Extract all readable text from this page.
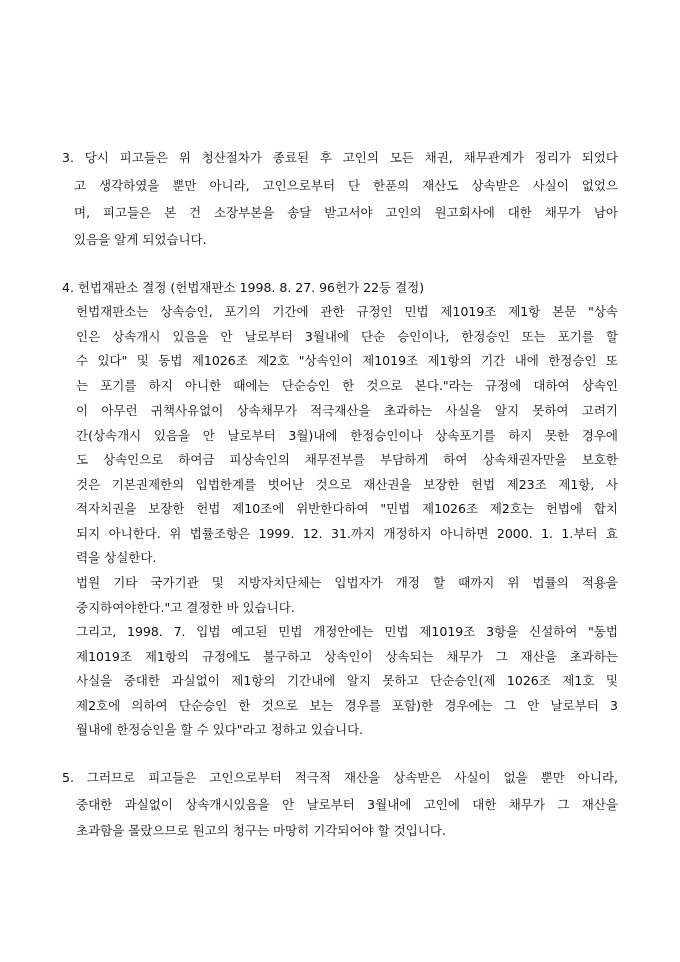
3. 당시 피고들은 위 청산절차가 종료된 후 고인의 모든 채권, 채무관계가 정리가 되었다
고 생각하였을 뿐만 아니라, 고인으로부터 단 한푼의 재산도 상속받은 사실이 없었으
며, 피고들은 본 건 소장부본을 송달 받고서야 고인의 원고회사에 대한 채무가 남아
있음을 알게 되었습니다.
4. 헌법재판소 결정 (헌법재판소 1998. 8. 27. 96헌가 22등 결정)
헌법재판소는 상속승인, 포기의 기간에 관한 규정인 민법 제1019조 제1항 본문 "상속
인은 상속개시 있음을 안 날로부터 3월내에 단순 승인이나, 한정승인 또는 포기를 할
수 있다" 및 동법 제1026조 제2호 "상속인이 제1019조 제1항의 기간 내에 한정승인 또
는 포기를 하지 아니한 때에는 단순승인 한 것으로 본다."라는 규정에 대하여 상속인
이 아무런 귀책사유없이 상속채무가 적극재산을 초과하는 사실을 알지 못하여 고려기
간(상속개시 있음을 안 날로부터 3월)내에 한정승인이나 상속포기를 하지 못한 경우에
도 상속인으로 하여금 피상속인의 채무전부를 부담하게 하여 상속채권자만을 보호한
것은 기본권제한의 입법한계를 벗어난 것으로 재산권을 보장한 헌법 제23조 제1항, 사
적자치권을 보장한 헌법 제10조에 위반한다하여 "민법 제1026조 제2호는 헌법에 합치
되지 아니한다. 위 법률조항은 1999. 12. 31.까지 개정하지 아니하면 2000. 1. 1.부터 효
력을 상실한다.
법원 기타 국가기관 및 지방자치단체는 입법자가 개정 할 때까지 위 법률의 적용을
중지하여야한다."고 결정한 바 있습니다.
그리고, 1998. 7. 입법 예고된 민법 개정안에는 민법 제1019조 3항을 신설하여 "동법
제1019조 제1항의 규정에도 불구하고 상속인이 상속되는 채무가 그 재산을 초과하는
사실을 중대한 과실없이 제1항의 기간내에 알지 못하고 단순승인(제 1026조 제1호 및
제2호에 의하여 단순승인 한 것으로 보는 경우를 포함)한 경우에는 그 안 날로부터 3
월내에 한정승인을 할 수 있다"라고 정하고 있습니다.
5. 그러므로 피고들은 고인으로부터 적극적 재산을 상속받은 사실이 없을 뿐만 아니라,
중대한 과실없이 상속개시있음을 안 날로부터 3월내에 고인에 대한 채무가 그 재산을
초과함을 몰랐으므로 원고의 청구는 마땅히 기각되어야 할 것입니다.
